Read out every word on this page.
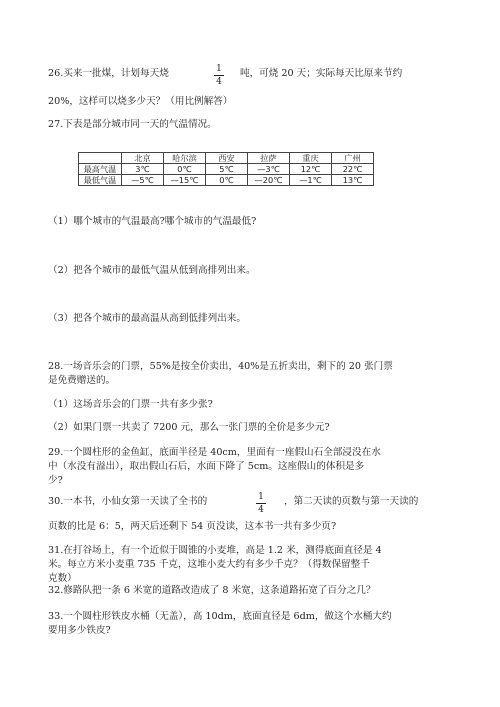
26.买来一批煤，计划每天烧	$\frac{1}{4}$ 吨，可烧 20 天；实际每天比原来节约
20%，这样可以烧多少天？（用比例解答）
27.下表是部分城市同一天的气温情况。
	北京	哈尔滨	西安	拉萨	重庆	广州
最高气温	3℃	0℃	5℃	—3℃	12℃	22℃
最低气温	—5℃	—15℃	0℃	—20℃	—1℃	13℃
（1）哪个城市的气温最高?哪个城市的气温最低?
（2）把各个城市的最低气温从低到高排列出来。
（3）把各个城市的最高温从高到低排列出来。
28.一场音乐会的门票，55%是按全价卖出，40%是五折卖出，剩下的 20 张门票
是免费赠送的。
（1）这场音乐会的门票一共有多少张?
（2）如果门票一共卖了 7200 元，那么一张门票的全价是多少元?
29.一个圆柱形的金鱼缸，底面半径是 40cm，里面有一座假山石全部浸没在水
中（水没有溢出），取出假山石后，水面下降了 5cm。这座假山的体积是多
少?
30.一本书，小仙女第一天读了全书的	$\frac{1}{4}$ ，第二天读的页数与第一天读的
页数的比是 6：5，两天后还剩下 54 页没读，这本书一共有多少页?
31.在打谷场上，有一个近似于圆锥的小麦堆，高是 1.2 米，测得底面直径是 4
米。每立方米小麦重 735 千克，这堆小麦大约有多少千克？（得数保留整千
克数）
32.修路队把一条 6 米宽的道路改造成了 8 米宽，这条道路拓宽了百分之几？
33.一个圆柱形铁皮水桶（无盖），高 10dm，底面直径是 6dm，做这个水桶大约
要用多少铁皮?
